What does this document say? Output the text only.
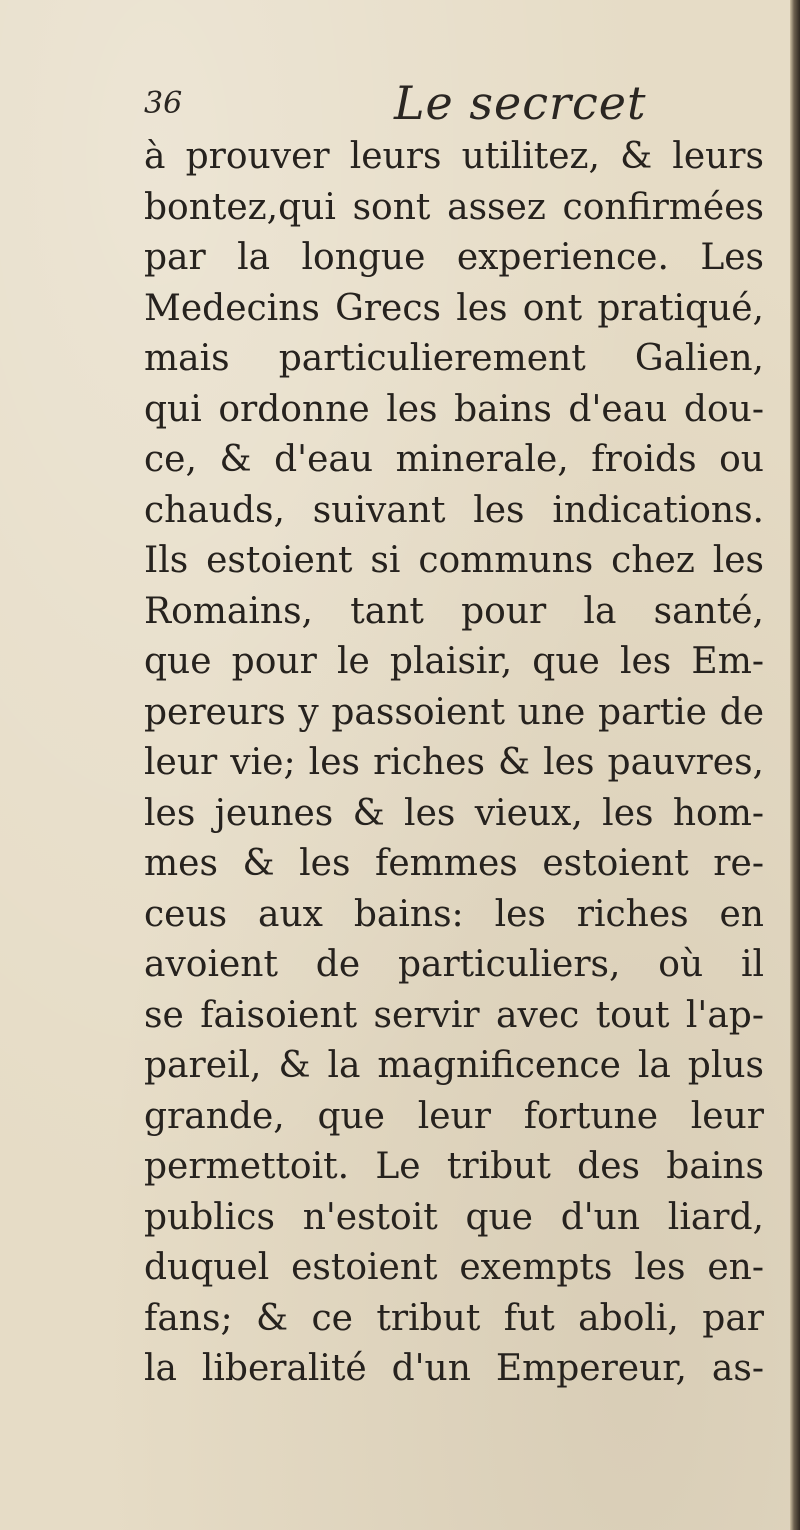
36	Le secrcet
à prouver leurs utilitez, & leurs
bontez,qui sont assez confirmées
par la longue experience. Les
Medecins Grecs les ont pratiqué,
mais particulierement Galien,
qui ordonne les bains d'eau dou-
ce, & d'eau minerale, froids ou
chauds, suivant les indications.
Ils estoient si communs chez les
Romains, tant pour la santé,
que pour le plaisir, que les Em-
pereurs y passoient une partie de
leur vie; les riches & les pauvres,
les jeunes & les vieux, les hom-
mes & les femmes estoient re-
ceus aux bains: les riches en
avoient de particuliers, où il
se faisoient servir avec tout l'ap-
pareil, & la magnificence la plus
grande, que leur fortune leur
permettoit. Le tribut des bains
publics n'estoit que d'un liard,
duquel estoient exempts les en-
fans; & ce tribut fut aboli, par
la liberalité d'un Empereur, as-
